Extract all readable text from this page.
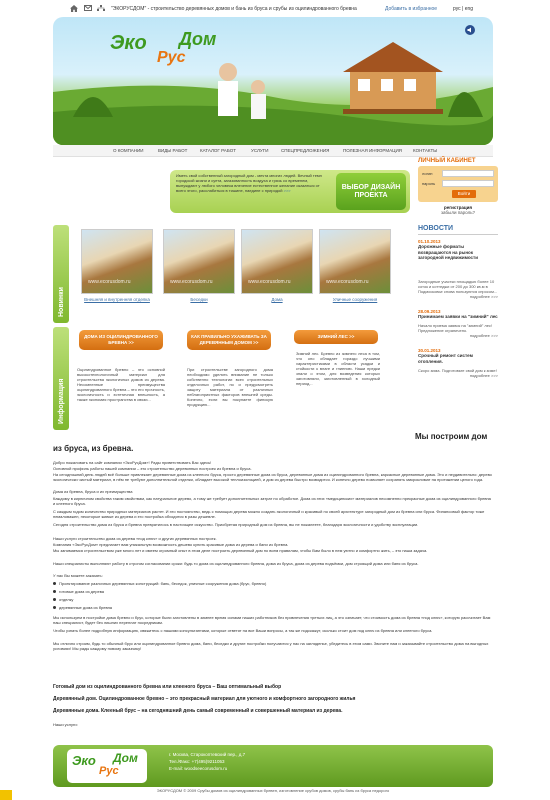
"ЭКОРУСДОМ" - строительство деревянных домов и бань из бруса и срубы из оцилиндрованного бревна	Добавить в избранное	рус | eng
Эко Дом
Рус
О КОМПАНИИ	ВИДЫ РАБОТ	КАТАЛОГ РАБОТ	УСЛУГИ	СПЕЦПРЕДЛОЖЕНИЯ	ПОЛЕЗНАЯ ИНФОРМАЦИЯ КОНТАКТЫ
Иметь свой собственный загородный дом - мечта многих людей. Вечный темп городской жизни и суета, загазованность воздуха и грязь со временем, вынуждают у любого человека влечение естественное желание оказаться от всего этого, расслабиться в тишине, наедине с природой >>>	ВЫБОР ДИЗАЙН ПРОЕКТА
ЛИЧНЫЙ КАБИНЕТ
логин
пароль
Войти
регистрация
забыли пароль?
НОВОСТИ
01.10.2013
Дорожные форматы возвращаются на рынок загородной недвижимости
Загородные участки площадью более 10 соток и коттеджи от 200 до 300 кв.м в Подмосковье снова пользуются спросом...
подробнее >>>
28.09.2013
Принимаем заявки на "зимний" лес
Начало приема заявок на "зимний" лес! Предложение ограничено.
подробнее >>>
30.01.2013
Срочный ремонт систем отопления.
Скоро зима. Подготовьте свой дом к зиме!
подробнее >>>
Новинки
www.ecorusdom.ru
Внешняя и внутренняя отделка
www.ecorusdom.ru
Беседки
www.ecorusdom.ru
Дома
www.ecorusdom.ru
Уличные сооружения
Информация
ДОМА ИЗ ОЦИЛИНДРОВАННОГО БРЕВНА >>
Оцилиндрованное бревно – это основной высокотехнологичный материал для строительства экологичных домов из дерева. Несомненные преимущества оцилиндрованного бревна – это его прочность, экологичность и эстетичная внешность, а также экономия пространства в связи...
КАК ПРАВИЛЬНО УХАЖИВАТЬ ЗА ДЕРЕВЯННЫМ ДОМОМ >>
При строительстве загородного дома необходимо уделять внимание не только собственно технологии всех строительных отделочных работ, но и предусмотреть защиту материала от различных неблагоприятных факторов внешней среды. Конечно, если вы покупаете финскую продукцию...
ЗИМНИЙ ЛЕС >>
Зимний лес. Бревно из зимнего леса в том, что оно обладает гораздо лучшими характеристиками в области усадки и стойкости к влаге и гниению. Наши предки знали о этом, для возведения которых заготовляли, заготовленный в холодный период...
Мы построим дом
из бруса, из бревна.
Добро пожаловать на сайт компании «ЭкоРусДом»! Рады приветствовать Вас здесь!
Основной профиль работы нашей компании – это строительство деревянных построек из бревна и бруса.
На сегодняшний день людей всё больше привлекает деревянные дома из клееного бруса, просто деревянные дома из бруса, деревянные дома из оцилиндрованного бревна, каркасные деревянные дома. Это и неудивительно: дерево экологически чистый материал, в нём не требуют дополнительной отделки, обладает высокой теплоизоляцией, и дом из дерева быстро возводится. И конечно дерево позволяет сохранять микроклимат на протяжении целого года.
Дома из бревна, бруса и их преимущества
Каждому в кирпичном свойства таким свойствам, как натуральное дерево, а тому же требует дополнительных затрат по обработке. Дома из этих «медицинских» материалов несомненно прекрасные дома из оцилиндрованного бревна и клееного бруса.
С каждым годом количество природных материалов растет. И это постоянство, ведь с помощью дерева можно создать экологичный и красивый по своей архитектуре загородный дом из бревна или бруса. Финансовый фактор тоже немаловажен, некоторые живые из дерева и его постройка обходятся в разы дешевле.
Сегодня строительство дома из бруса и бревна превратилось в настоящее искусство. Приобретая природный дом из бревна, вы не пожалеете, благодаря экологичности и удобству эксплуатации.
Наши услуги строительство дома из дерева «под ключ» и других деревянных построек.
Компания «ЭкоРусДом» предлагает вам уникальную возможность дешево купить красивые дома из дерева и бани из бревна.
Мы занимаемся строительством уже много лет и имеем огромный опыт в этом деле построить деревянный дом по всем правилам, чтобы Вам было в нем уютно и комфортно жить, – это наша задача.
Наши специалисты выполняют работу в строгом согласовании сроки: будь то дома из оцилиндрованного бревна, дома из бруса, дома из дерева подъёмки, дом строящий дома или баня из бруса.
У нас Вы можете заказать:
Проектирование различных деревянных конструкций: бань, беседок, уличные сооружения дома (брус, бревно)
готовые дома из дерева
отделку
деревянные дома из бревна
Мы используем в постройке дома бревно и брус, которые были заготовлены в зимнее время силами наших работников без привлечения третьих лиц, а это означает, что стоимость дома из бревна «под ключ», которую рассчитает Вам наш специалист, будет без лишних переплат посредникам.
Чтобы узнать более подробную информацию, свяжитесь с нашими консультантами, которые ответят на все Ваши вопросы, а так же подскажут, сколько стоит дом под ключ из бревна или клееного бруса.
Мы отлично строим, будь то обычный брус или оцилиндрованное бревно дома, бани, беседки и другие постройки получаются у нас на загляденье, убедитесь в этом сами. Звоните нам и заказывайте строительство дома на выгодных условиях! Мы рады каждому новому заказчику!
Готовый дом из оцилиндрованного бревна или клееного бруса – Ваш оптимальный выбор
Деревянный дом. Оцилиндрованное бревно – это прекрасный материал для уютного и комфортного загородного жилья
Деревянные дома. Клееный брус – на сегодняшний день самый современный и совершенный материал из дерева.
Наши услуги:
Эко Дом
Рус
г. Москва, Старокоптевский пер., д.7
Тел./Факс: +7(495)9211053
E-mail: woodseecorusdom.ru
ЭКОРУСДОМ © 2009 Срубы домов из оцилиндрованных бревен, изготовление срубов домов, срубы бань из бруса недорого
